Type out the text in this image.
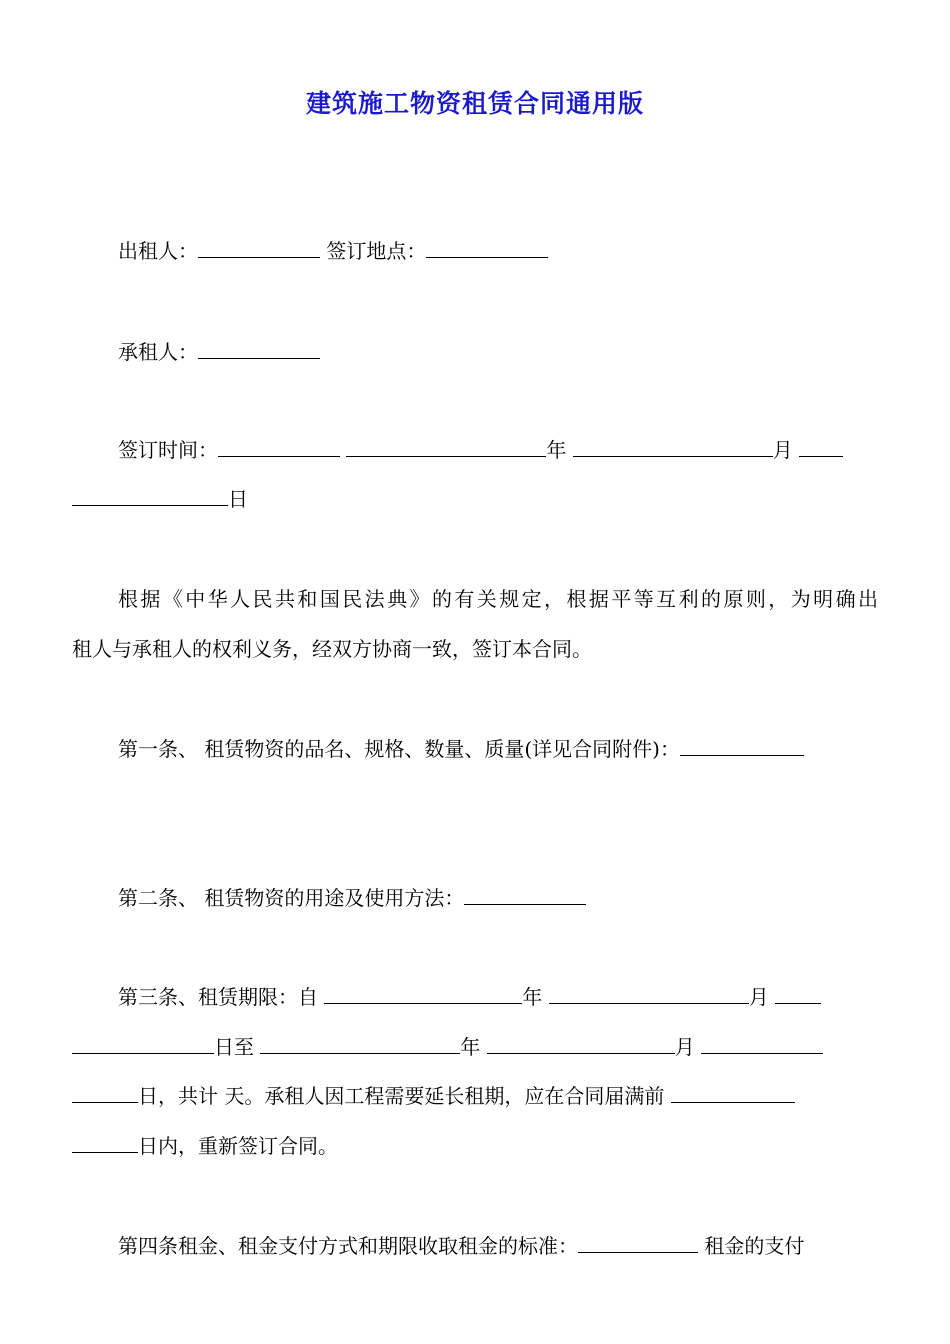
建筑施工物资租赁合同通用版
出租人：	签订地点：
承租人：
签订时间：	年	月
日
根据《中华人民共和国民法典》的有关规定，根据平等互利的原则，为明确出
租人与承租人的权利义务，经双方协商一致，签订本合同。
第一条、 租赁物资的品名、规格、数量、质量(详见合同附件)：
第二条、 租赁物资的用途及使用方法：
第三条、租赁期限：自	年	月
日至	年	月
日，共计 天。承租人因工程需要延长租期，应在合同届满前
日内，重新签订合同。
第四条租金、租金支付方式和期限收取租金的标准：	租金的支付
